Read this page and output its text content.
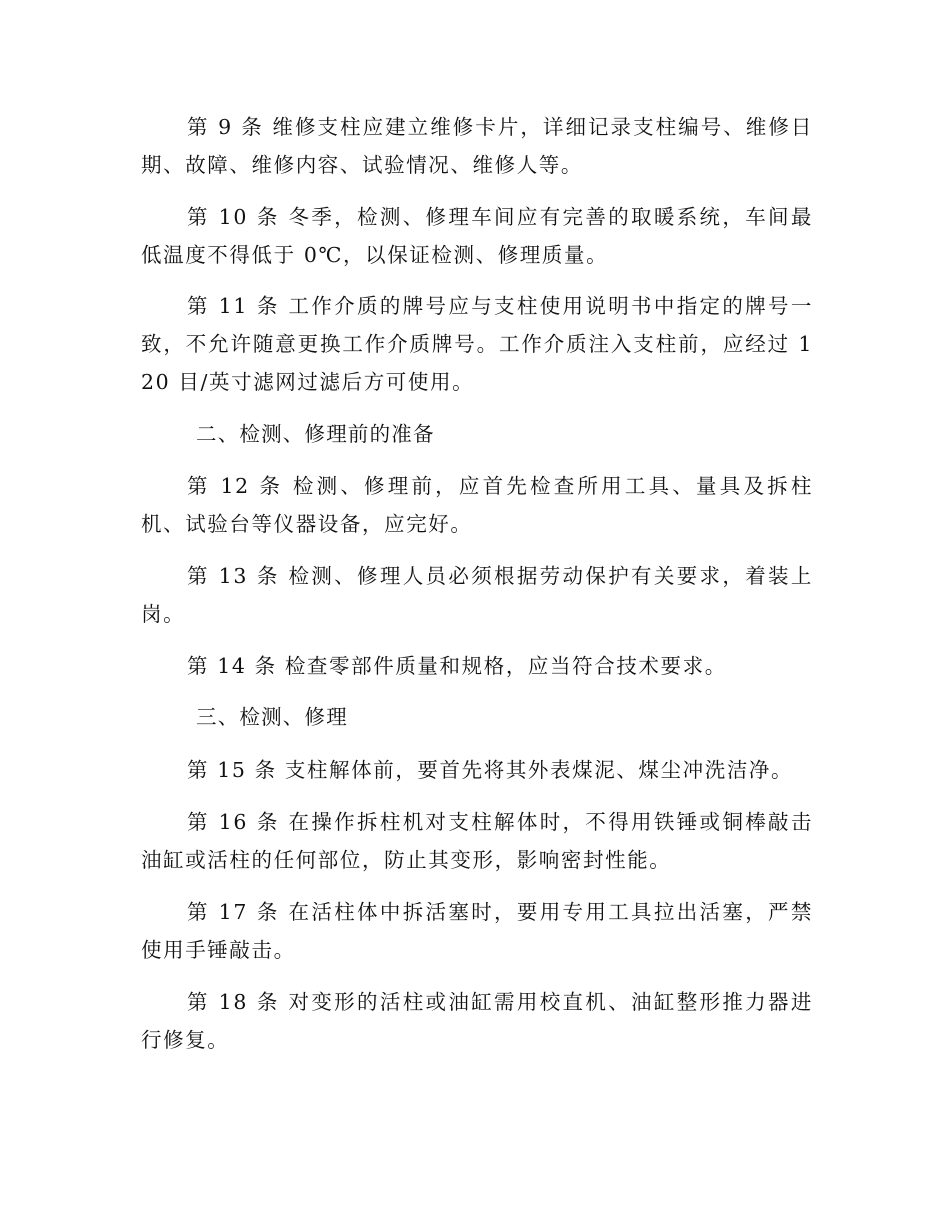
第 9 条 维修支柱应建立维修卡片，详细记录支柱编号、维修日期、故障、维修内容、试验情况、维修人等。

第 10 条 冬季，检测、修理车间应有完善的取暖系统，车间最低温度不得低于 0℃，以保证检测、修理质量。

第 11 条 工作介质的牌号应与支柱使用说明书中指定的牌号一致，不允许随意更换工作介质牌号。工作介质注入支柱前，应经过 120 目/英寸滤网过滤后方可使用。

二、检测、修理前的准备

第 12 条 检测、修理前，应首先检查所用工具、量具及拆柱机、试验台等仪器设备，应完好。

第 13 条 检测、修理人员必须根据劳动保护有关要求，着装上岗。

第 14 条 检查零部件质量和规格，应当符合技术要求。

三、检测、修理

第 15 条 支柱解体前，要首先将其外表煤泥、煤尘冲洗洁净。

第 16 条 在操作拆柱机对支柱解体时，不得用铁锤或铜棒敲击油缸或活柱的任何部位，防止其变形，影响密封性能。

第 17 条 在活柱体中拆活塞时，要用专用工具拉出活塞，严禁使用手锤敲击。

第 18 条 对变形的活柱或油缸需用校直机、油缸整形推力器进行修复。
